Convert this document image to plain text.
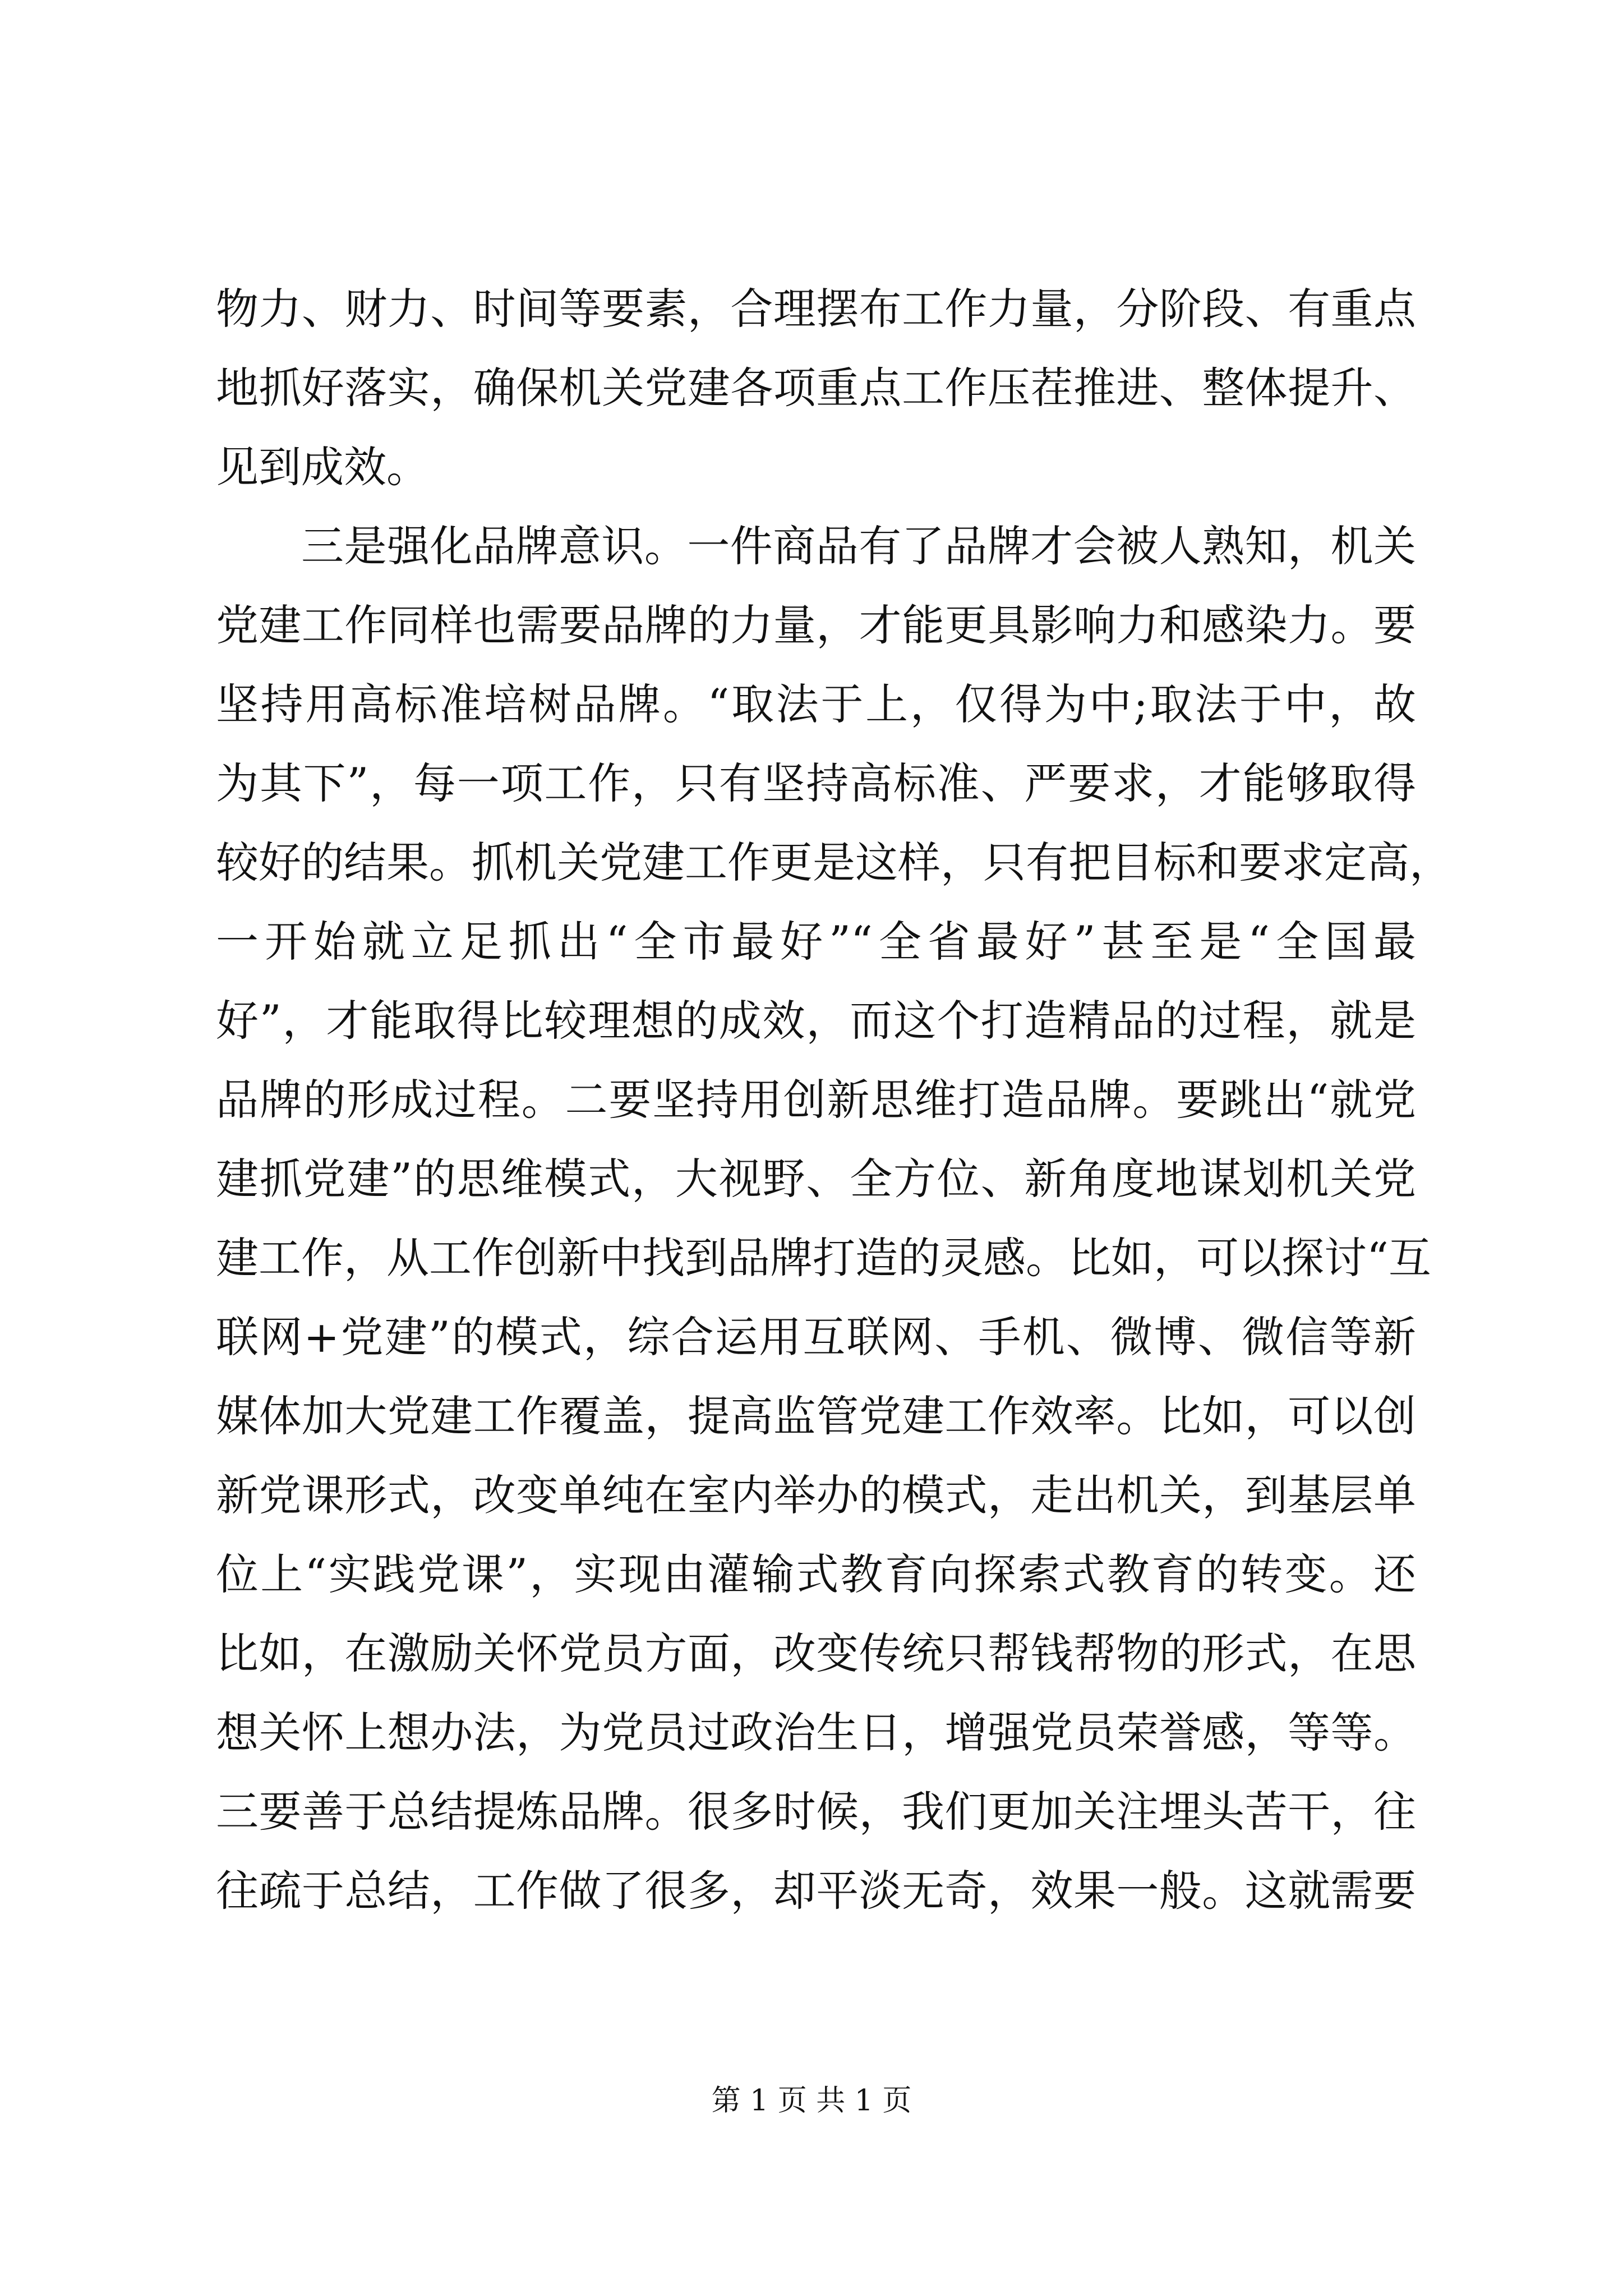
物力、财力、时间等要素，合理摆布工作力量，分阶段、有重点
地抓好落实，确保机关党建各项重点工作压茬推进、整体提升、
见到成效。
三是强化品牌意识。一件商品有了品牌才会被人熟知，机关
党建工作同样也需要品牌的力量，才能更具影响力和感染力。要
坚持用高标准培树品牌。“取法于上，仅得为中;取法于中，故
为其下”，每一项工作，只有坚持高标准、严要求，才能够取得
较好的结果。抓机关党建工作更是这样，只有把目标和要求定高，
一开始就立足抓出“全市最好”“全省最好”甚至是“全国最
好”，才能取得比较理想的成效，而这个打造精品的过程，就是
品牌的形成过程。二要坚持用创新思维打造品牌。要跳出“就党
建抓党建”的思维模式，大视野、全方位、新角度地谋划机关党
建工作，从工作创新中找到品牌打造的灵感。比如，可以探讨“互
联网+党建”的模式，综合运用互联网、手机、微博、微信等新
媒体加大党建工作覆盖，提高监管党建工作效率。比如，可以创
新党课形式，改变单纯在室内举办的模式，走出机关，到基层单
位上“实践党课”，实现由灌输式教育向探索式教育的转变。还
比如，在激励关怀党员方面，改变传统只帮钱帮物的形式，在思
想关怀上想办法，为党员过政治生日，增强党员荣誉感，等等。
三要善于总结提炼品牌。很多时候，我们更加关注埋头苦干，往
往疏于总结，工作做了很多，却平淡无奇，效果一般。这就需要
第 1 页 共 1 页
